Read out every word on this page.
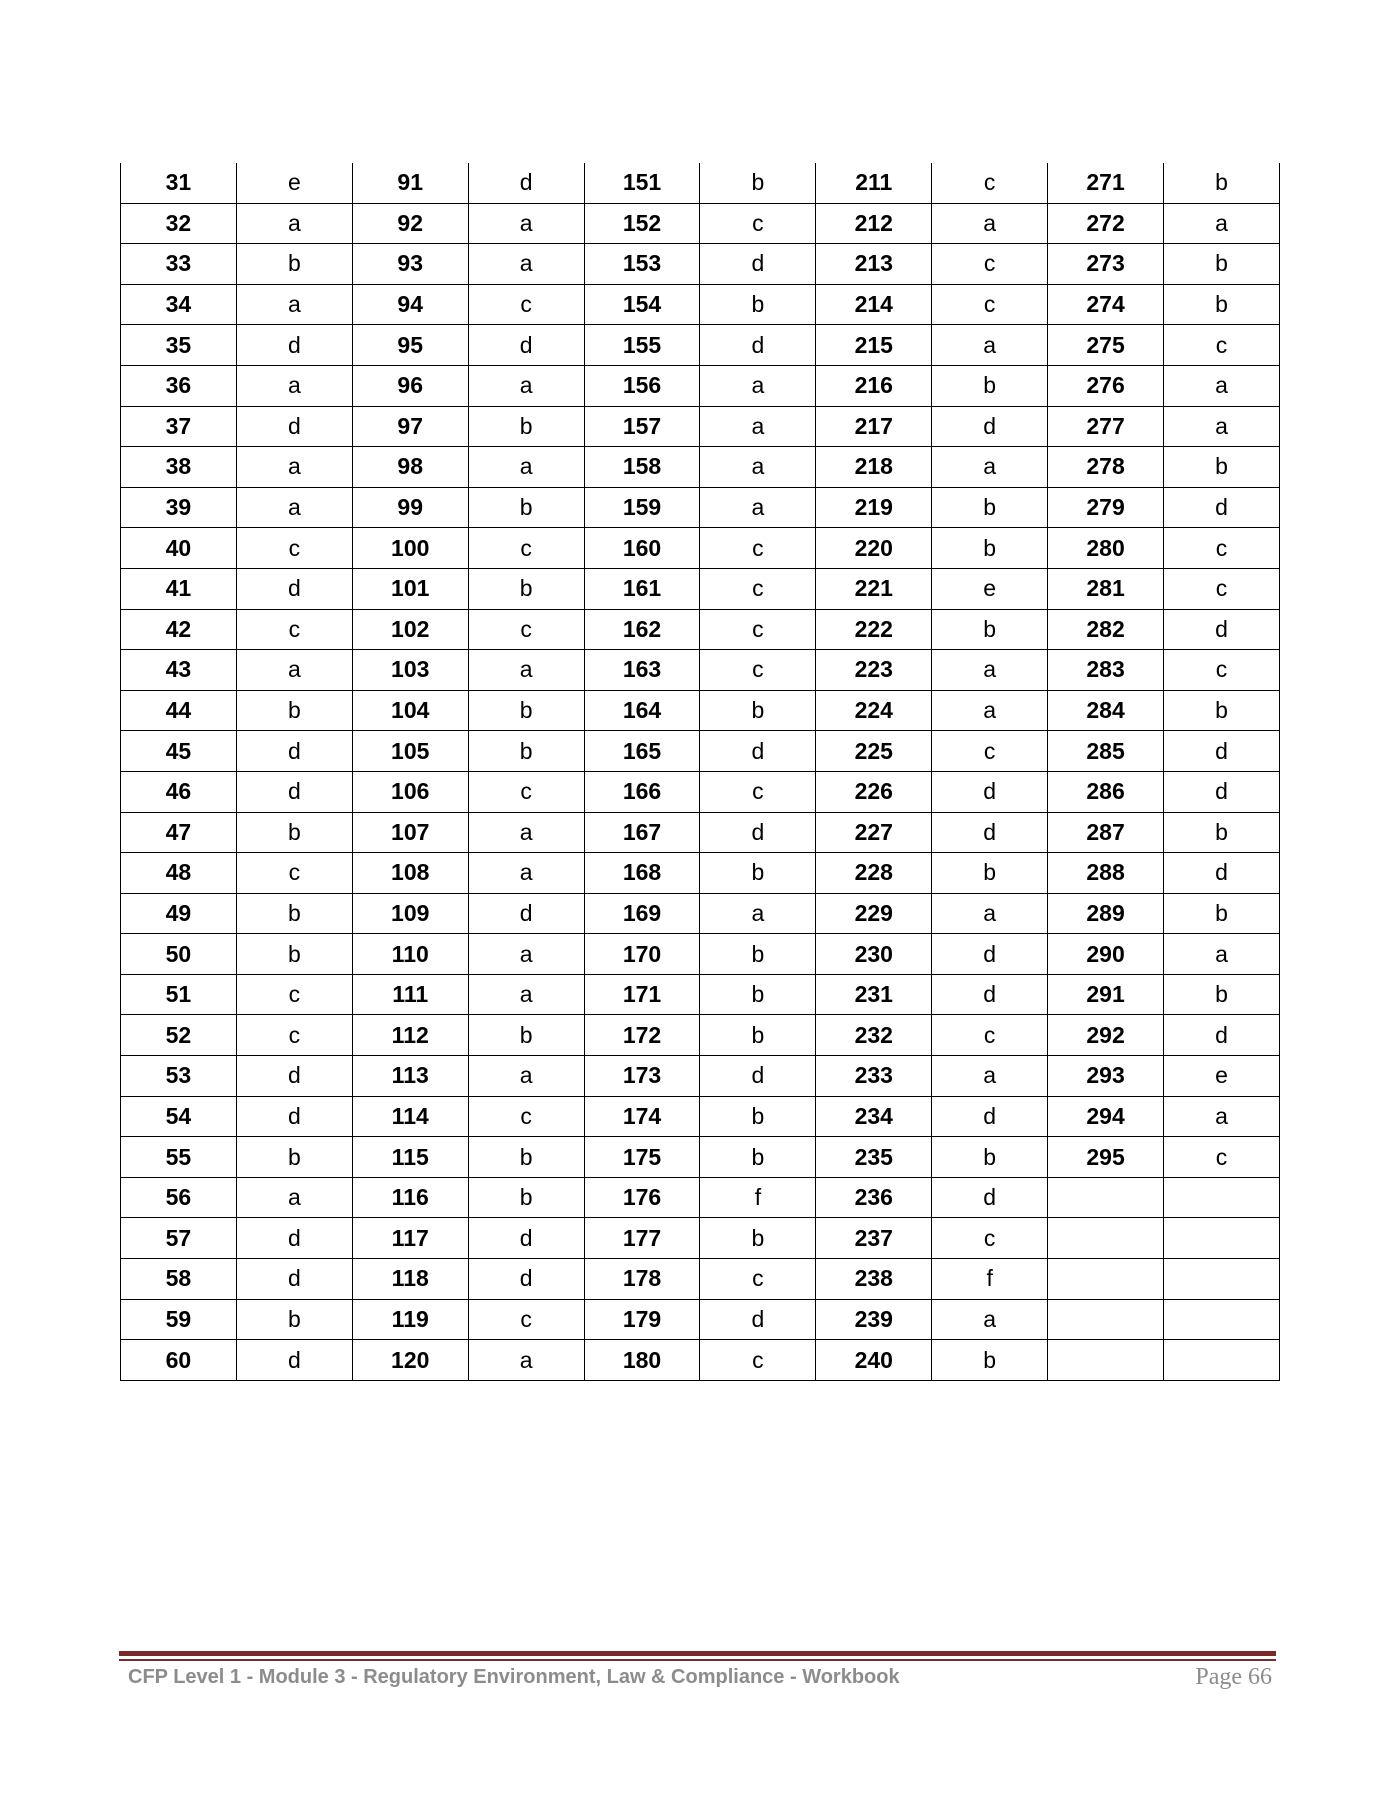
31	e	91	d	151	b	211	c	271	b
32	a	92	a	152	c	212	a	272	a
33	b	93	a	153	d	213	c	273	b
34	a	94	c	154	b	214	c	274	b
35	d	95	d	155	d	215	a	275	c
36	a	96	a	156	a	216	b	276	a
37	d	97	b	157	a	217	d	277	a
38	a	98	a	158	a	218	a	278	b
39	a	99	b	159	a	219	b	279	d
40	c	100	c	160	c	220	b	280	c
41	d	101	b	161	c	221	e	281	c
42	c	102	c	162	c	222	b	282	d
43	a	103	a	163	c	223	a	283	c
44	b	104	b	164	b	224	a	284	b
45	d	105	b	165	d	225	c	285	d
46	d	106	c	166	c	226	d	286	d
47	b	107	a	167	d	227	d	287	b
48	c	108	a	168	b	228	b	288	d
49	b	109	d	169	a	229	a	289	b
50	b	110	a	170	b	230	d	290	a
51	c	111	a	171	b	231	d	291	b
52	c	112	b	172	b	232	c	292	d
53	d	113	a	173	d	233	a	293	e
54	d	114	c	174	b	234	d	294	a
55	b	115	b	175	b	235	b	295	c
56	a	116	b	176	f	236	d		
57	d	117	d	177	b	237	c		
58	d	118	d	178	c	238	f		
59	b	119	c	179	d	239	a		
60	d	120	a	180	c	240	b		
CFP Level 1 - Module 3 - Regulatory Environment, Law & Compliance - Workbook	Page 66
